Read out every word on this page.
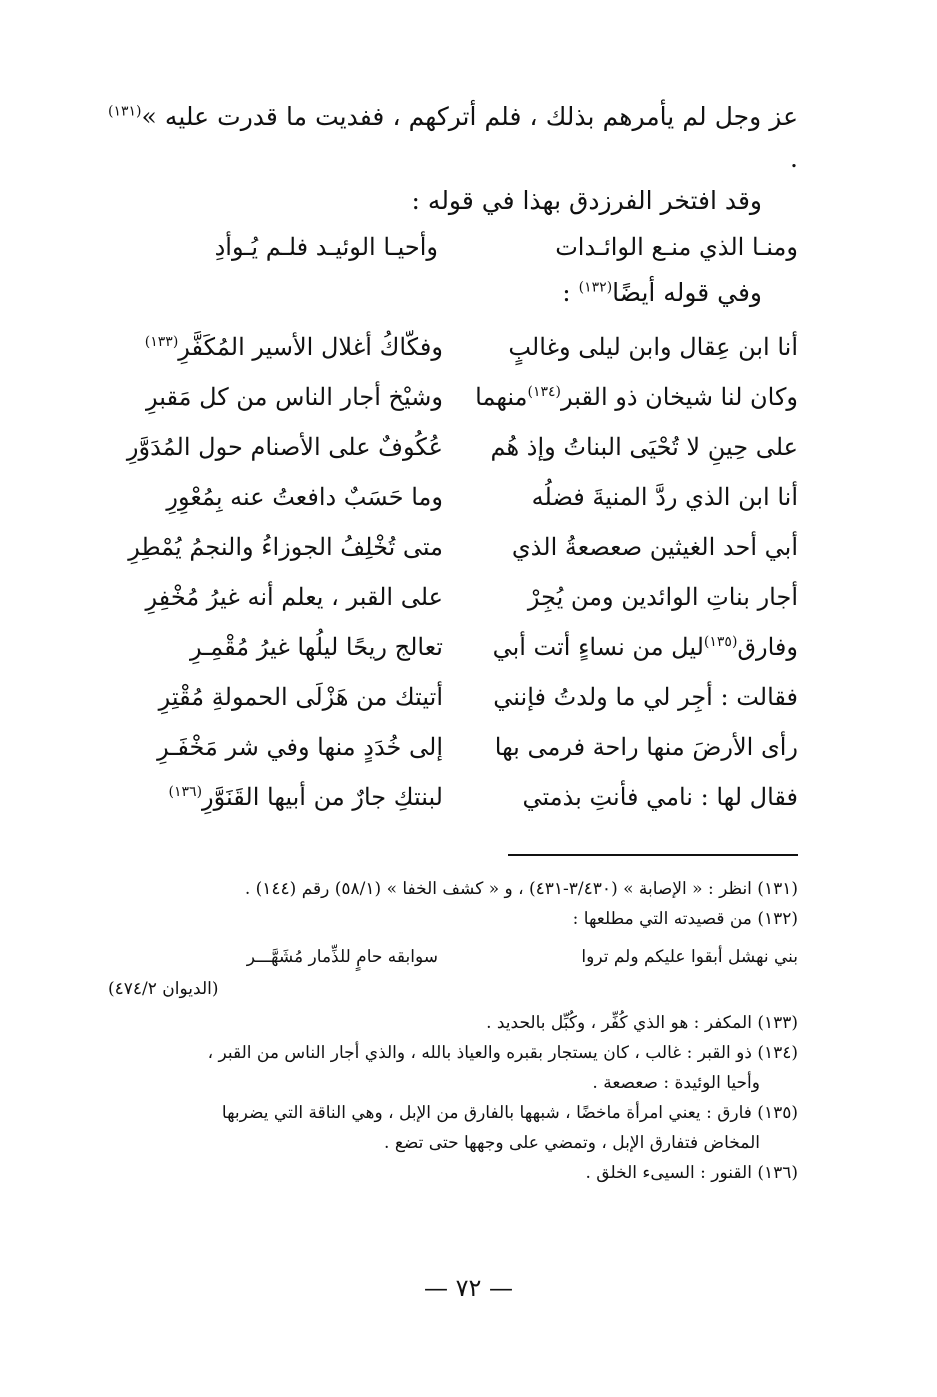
عز وجل لم يأمرهم بذلك ، فلم أتركهم ، ففديت ما قدرت عليه »$^{(١٣١)}$ .

وقد افتخر الفرزدق بهذا في قوله :

ومنـا الذي منـع الوائـدات
وأحيـا الوئيـد فلـم يُـوأدِ

وفي قوله أيضًا$^{(١٣٢)}$ :

أنا ابن عِقال وابن ليلى وغالبٍ
وفكّاكُ أغلال الأسير المُكَفَّرِ$^{(١٣٣)}$
وكان لنا شيخان ذو القبر$^{(١٣٤)}$منهما
وشيْخ أجار الناس من كل مَقبرِ
على حِينِ لا تُحْيَى البناتُ وإذ هُم
عُكُوفٌ على الأصنام حول المُدَوَّرِ
أنا ابن الذي ردَّ المنيةَ فضلُه
وما حَسَبٌ دافعتُ عنه بِمُعْوِرِ
أبي أحد الغيثين صعصعةُ الذي
متى تُخْلِفُ الجوزاءُ والنجمُ يُمْطِرِ
أجار بناتِ الوائدين ومن يُجِرْ
على القبر ، يعلم أنه غيرُ مُخْفِرِ
وفارق$^{(١٣٥)}$ليل من نساءٍ أتت أبي
تعالج ريحًا ليلُها غيرُ مُقْمِـرِ
فقالت : أجِر لي ما ولدتُ فإنني
أتيتك من هَزْلَى الحمولةِ مُقْتِرِ
رأى الأرضَ منها راحة فرمى بها
إلى خُدَدٍ منها وفي شر مَخْفَـرِ
فقال لها : نامي فأنتِ بذمتي
لبنتكِ جارٌ من أبيها القَنَوَّرِ$^{(١٣٦)}$

(١٣١) انظر : « الإصابة » (٣/٤٣٠-٤٣١) ، و « كشف الخفا » (٥٨/١) رقم (١٤٤) .

(١٣٢) من قصيدته التي مطلعها :

بني نهشل أبقوا عليكم ولم تروا
سوابقه حامٍ للذِّمار مُشَهَّـــر

(الديوان ٤٧٤/٢)

(١٣٣) المكفر : هو الذي كُفِّر ، وكُبِّل بالحديد .

(١٣٤) ذو القبر : غالب ، كان يستجار بقبره والعياذ بالله ، والذي أجار الناس من القبر ،

وأحيا الوئيدة : صعصعة .

(١٣٥) فارق : يعني امرأة ماخضًا ، شبهها بالفارق من الإبل ، وهي الناقة التي يضربها

المخاض فتفارق الإبل ، وتمضي على وجهها حتى تضع .

(١٣٦) القنور : السيىء الخلق .

— ٧٢ —
